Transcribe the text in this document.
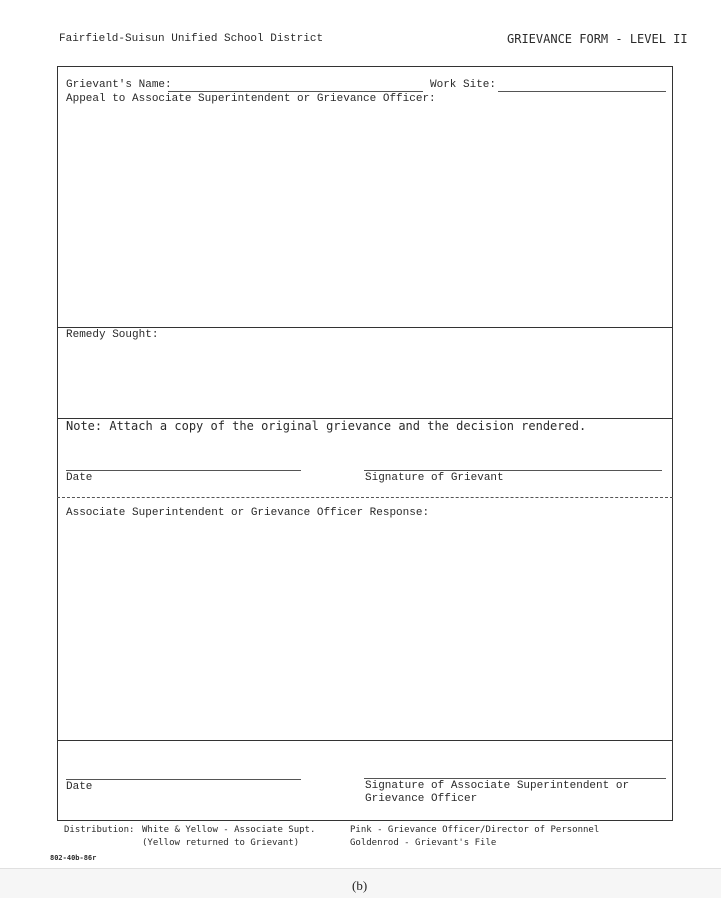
Fairfield-Suisun Unified School District	GRIEVANCE FORM - LEVEL II
Grievant's Name:	Work Site:
Appeal to Associate Superintendent or Grievance Officer:
Remedy Sought:
Note: Attach a copy of the original grievance and the decision rendered.
Date	Signature of Grievant
Associate Superintendent or Grievance Officer Response:
Date	Signature of Associate Superintendent or
Grievance Officer
Distribution: White & Yellow - Associate Supt.
(Yellow returned to Grievant)
Pink - Grievance Officer/Director of Personnel
Goldenrod - Grievant's File
802-40b-86r
(b)
